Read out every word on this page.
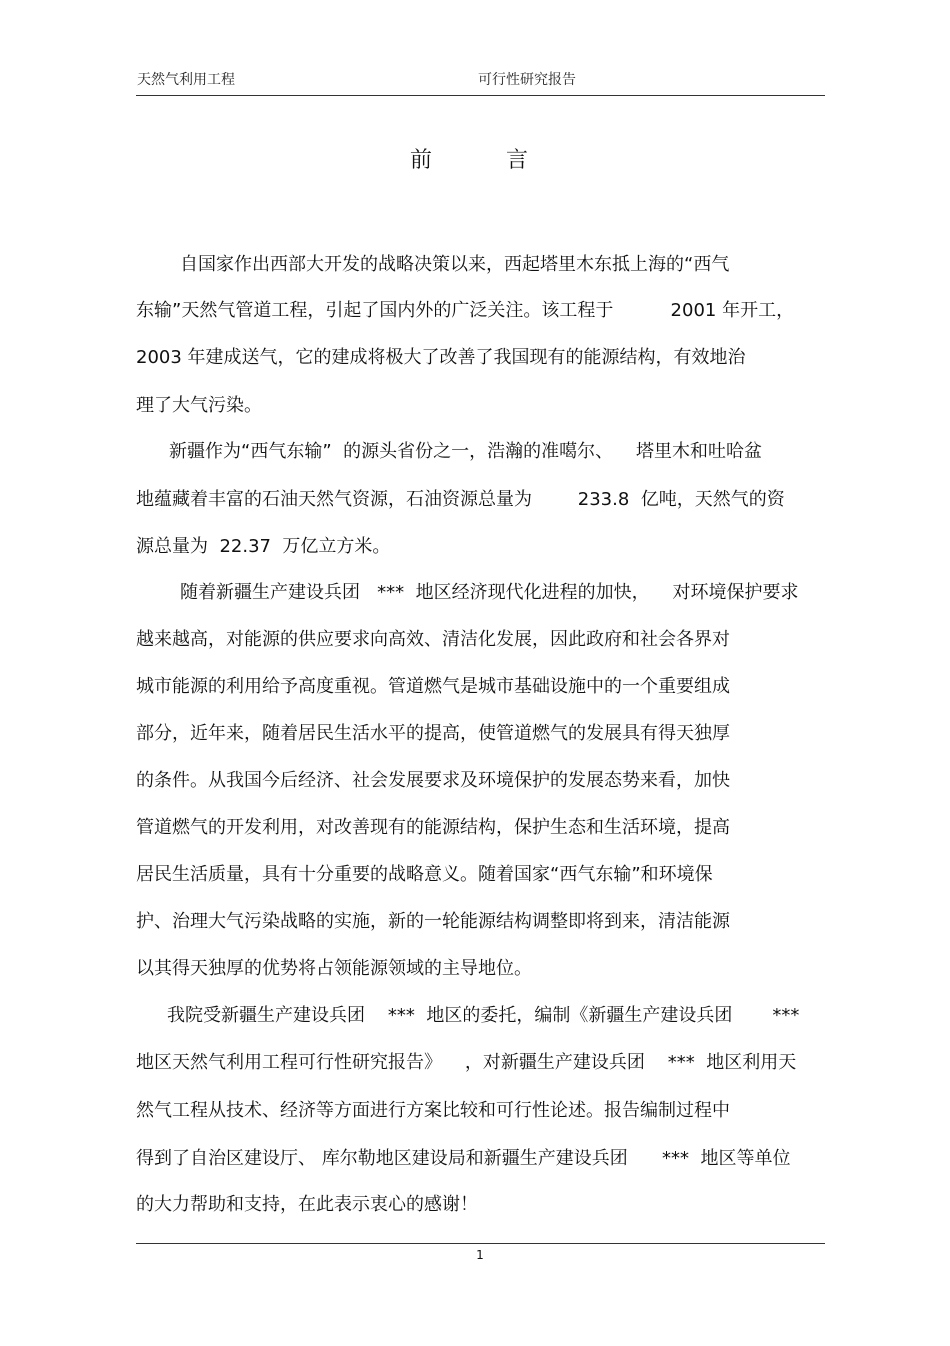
天然气利用工程	可行性研究报告
前言
自国家作出西部大开发的战略决策以来，西起塔里木东抵上海的“西气
东输”天然气管道工程，引起了国内外的广泛关注。该工程于          2001 年开工，
2003 年建成送气，它的建成将极大了改善了我国现有的能源结构，有效地治
理了大气污染。
新疆作为“西气东输”  的源头省份之一，浩瀚的准噶尔、    塔里木和吐哈盆
地蕴藏着丰富的石油天然气资源，石油资源总量为        233.8  亿吨，天然气的资
源总量为  22.37  万亿立方米。
随着新疆生产建设兵团   ***  地区经济现代化进程的加快，    对环境保护要求
越来越高，对能源的供应要求向高效、清洁化发展，因此政府和社会各界对
城市能源的利用给予高度重视。管道燃气是城市基础设施中的一个重要组成
部分，近年来，随着居民生活水平的提高，使管道燃气的发展具有得天独厚
的条件。从我国今后经济、社会发展要求及环境保护的发展态势来看，加快
管道燃气的开发利用，对改善现有的能源结构，保护生态和生活环境，提高
居民生活质量，具有十分重要的战略意义。随着国家“西气东输”和环境保
护、治理大气污染战略的实施，新的一轮能源结构调整即将到来，清洁能源
以其得天独厚的优势将占领能源领域的主导地位。
我院受新疆生产建设兵团    ***  地区的委托，编制《新疆生产建设兵团       ***
地区天然气利用工程可行性研究报告》    ，对新疆生产建设兵团    ***  地区利用天
然气工程从技术、经济等方面进行方案比较和可行性论述。报告编制过程中
得到了自治区建设厅、 库尔勒地区建设局和新疆生产建设兵团      ***  地区等单位
的大力帮助和支持，在此表示衷心的感谢！
1
